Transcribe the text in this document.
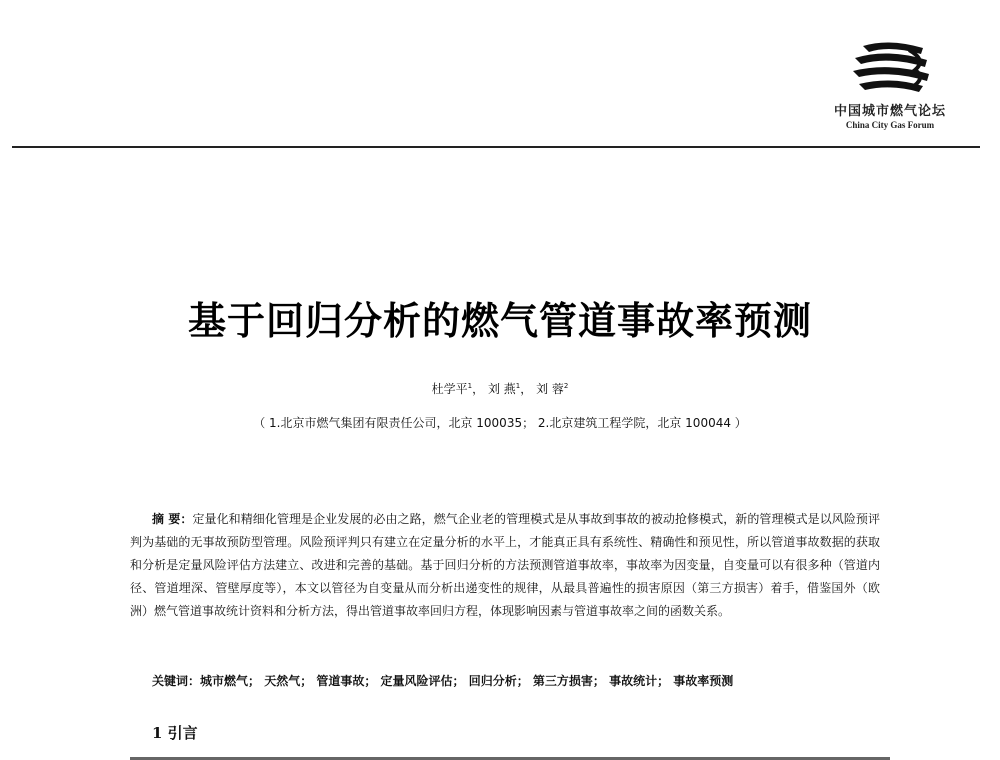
中国城市燃气论坛
China City Gas Forum
基于回归分析的燃气管道事故率预测
杜学平$^1$， 刘 燕$^1$， 刘 蓉$^2$
（ 1.北京市燃气集团有限责任公司，北京 100035； 2.北京建筑工程学院，北京 100044 ）
摘 要：定量化和精细化管理是企业发展的必由之路，燃气企业老的管理模式是从事故到事故的被动抢修模式，新的管理模式是以风险预评判为基础的无事故预防型管理。风险预评判只有建立在定量分析的水平上，才能真正具有系统性、精确性和预见性，所以管道事故数据的获取和分析是定量风险评估方法建立、改进和完善的基础。基于回归分析的方法预测管道事故率，事故率为因变量，自变量可以有很多种（管道内径、管道埋深、管壁厚度等），本文以管径为自变量从而分析出递变性的规律，从最具普遍性的损害原因（第三方损害）着手，借鉴国外（欧洲）燃气管道事故统计资料和分析方法，得出管道事故率回归方程，体现影响因素与管道事故率之间的函数关系。
关键词：城市燃气； 天然气； 管道事故； 定量风险评估； 回归分析； 第三方损害； 事故统计； 事故率预测
1 引言
